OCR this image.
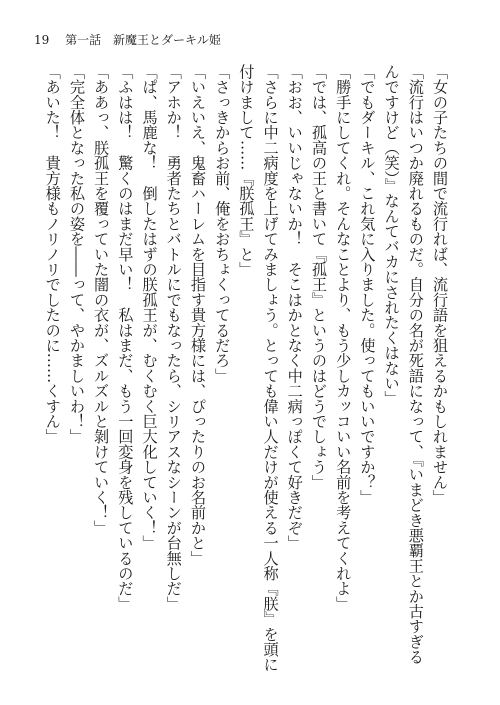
19 第一話 新魔王とダーキル姫

「女の子たちの間で流行れば、流行語を狙えるかもしれません」

「流行はいつか廃れるものだ。自分の名が死語になって、『いまどき悪覇王とか古すぎるんですけど（笑）』なんてバカにされたくはない」

「でもダーキル、これ気に入りました。使ってもいいですか？」

「勝手にしてくれ。そんなことより、もう少しカッコいい名前を考えてくれよ」

「では、孤高の王と書いて『孤王』というのはどうでしょう」

「おお、いいじゃないか！　そこはかとなく中二病っぽくて好きだぞ」

「さらに中二病度を上げてみましょう。とっても偉い人だけが使える一人称『朕』を頭に付けまして……『朕孤王』と」

「さっきからお前、俺をおちょくってるだろ」

「いえいえ、鬼畜ハーレムを目指す貴方様には、ぴったりのお名前かと」

「アホか！　勇者たちとバトルにでもなったら、シリアスなシーンが台無しだ」

「ぱ、馬鹿な！　倒したはずの朕孤王が、むくむく巨大化していく！」

「ふはは！　驚くのはまだ早い！　私はまだ、もう一回変身を残しているのだ」

「ああっ、朕孤王を覆っていた闇の衣が、ズルズルと剝けていく！」

「完全体となった私の姿を――って、やかましいわ！」

「あいた！　貴方様もノリノリでしたのに……くすん」
